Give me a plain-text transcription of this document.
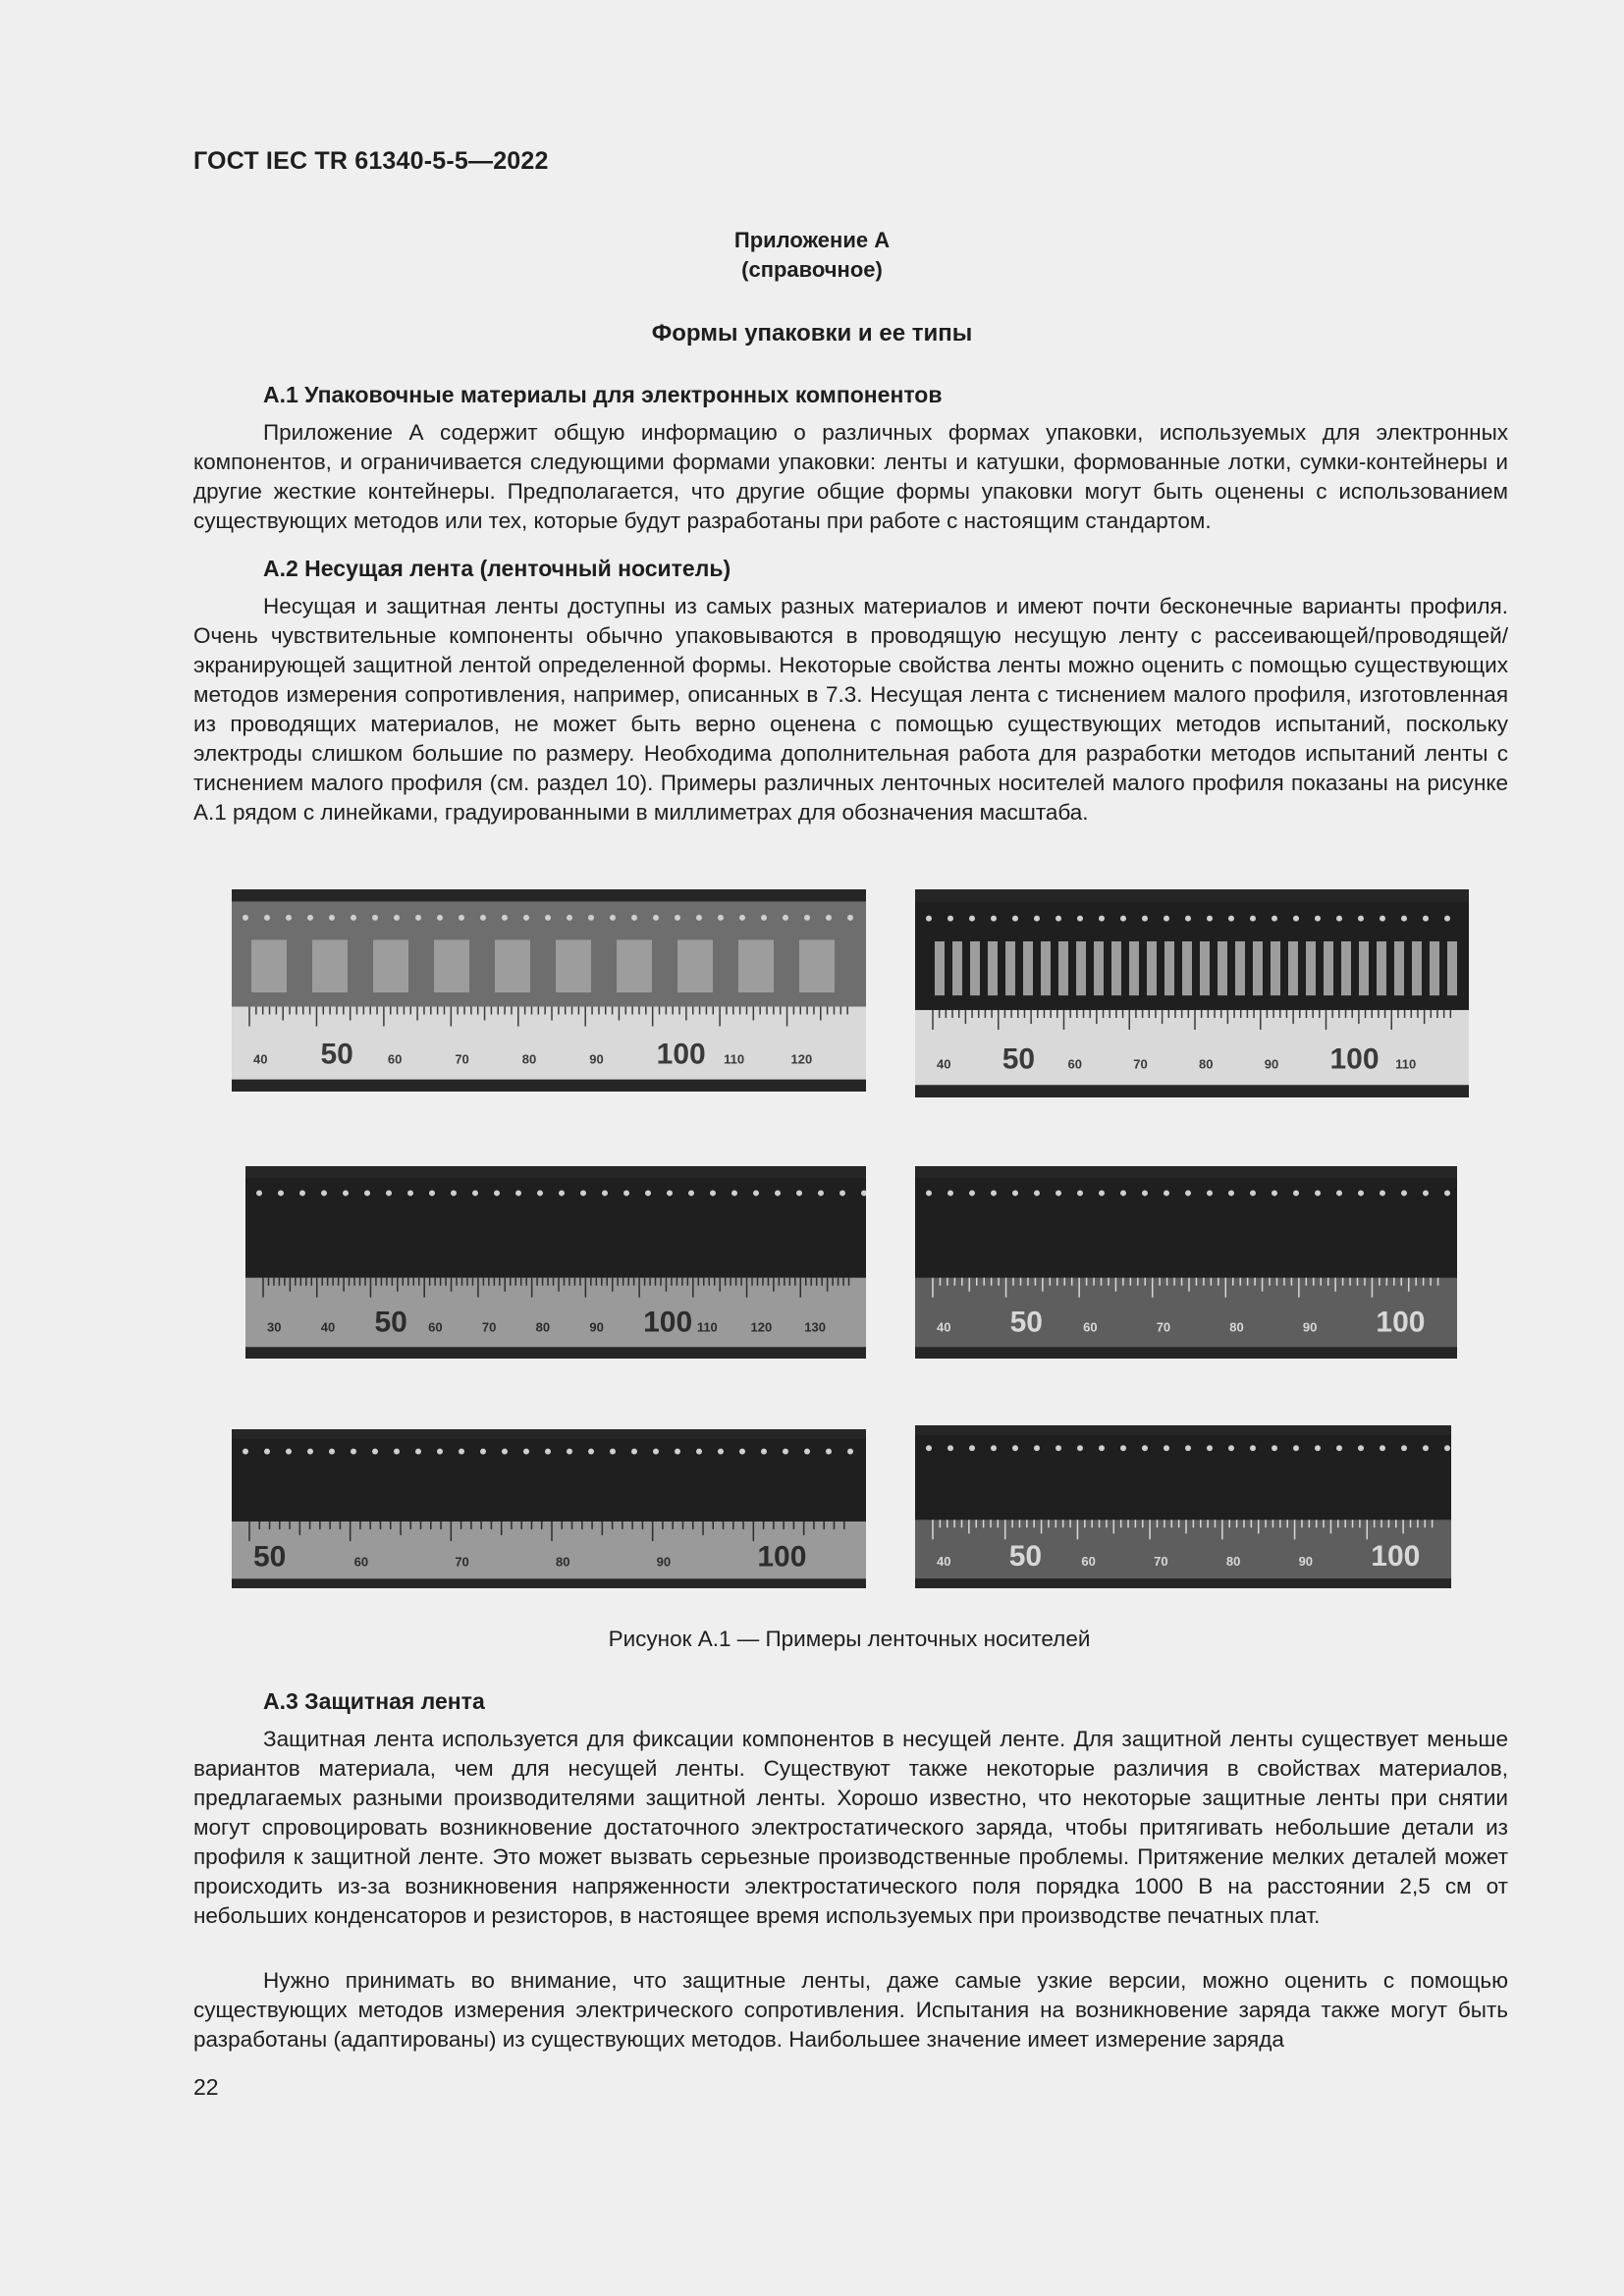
ГОСТ IEC TR 61340-5-5—2022
Приложение А
(справочное)
Формы упаковки и ее типы
А.1 Упаковочные материалы для электронных компонентов

Приложение А содержит общую информацию о различных формах упаковки, используемых для электронных компонентов, и ограничивается следующими формами упаковки: ленты и катушки, формованные лотки, сумки-контейнеры и другие жесткие контейнеры. Предполагается, что другие общие формы упаковки могут быть оценены с использованием существующих методов или тех, которые будут разработаны при работе с настоящим стандартом.

А.2 Несущая лента (ленточный носитель)

Несущая и защитная ленты доступны из самых разных материалов и имеют почти бесконечные варианты профиля. Очень чувствительные компоненты обычно упаковываются в проводящую несущую ленту с рассеивающей/проводящей/экранирующей защитной лентой определенной формы. Некоторые свойства ленты можно оценить с помощью существующих методов измерения сопротивления, например, описанных в 7.3. Несущая лента с тиснением малого профиля, изготовленная из проводящих материалов, не может быть верно оценена с помощью существующих методов испытаний, поскольку электроды слишком большие по размеру. Необходима дополнительная работа для разработки методов испытаний ленты с тиснением малого профиля (см. раздел 10). Примеры различных ленточных носителей малого профиля показаны на рисунке А.1 рядом с линейками, градуированными в миллиметрах для обозначения масштаба.

40 50	60	70	80	90 100 110	120	40 50	60	70	80	90 100 110
30	40 50 60	70	80	90 100 110	120	130	40 50	60	70	80	90 100
50	60	70	80	90	100	40 50	60	70	80	90 100
Рисунок А.1 — Примеры ленточных носителей
А.3 Защитная лента

Защитная лента используется для фиксации компонентов в несущей ленте. Для защитной ленты существует меньше вариантов материала, чем для несущей ленты. Существуют также некоторые различия в свойствах материалов, предлагаемых разными производителями защитной ленты. Хорошо известно, что некоторые защитные ленты при снятии могут спровоцировать возникновение достаточного электростатического заряда, чтобы притягивать небольшие детали из профиля к защитной ленте. Это может вызвать серьезные производственные проблемы. Притяжение мелких деталей может происходить из-за возникновения напряженности электростатического поля порядка 1000 В на расстоянии 2,5 см от небольших конденсаторов и резисторов, в настоящее время используемых при производстве печатных плат.

Нужно принимать во внимание, что защитные ленты, даже самые узкие версии, можно оценить с помощью существующих методов измерения электрического сопротивления. Испытания на возникновение заряда также могут быть разработаны (адаптированы) из существующих методов. Наибольшее значение имеет измерение заряда

22
